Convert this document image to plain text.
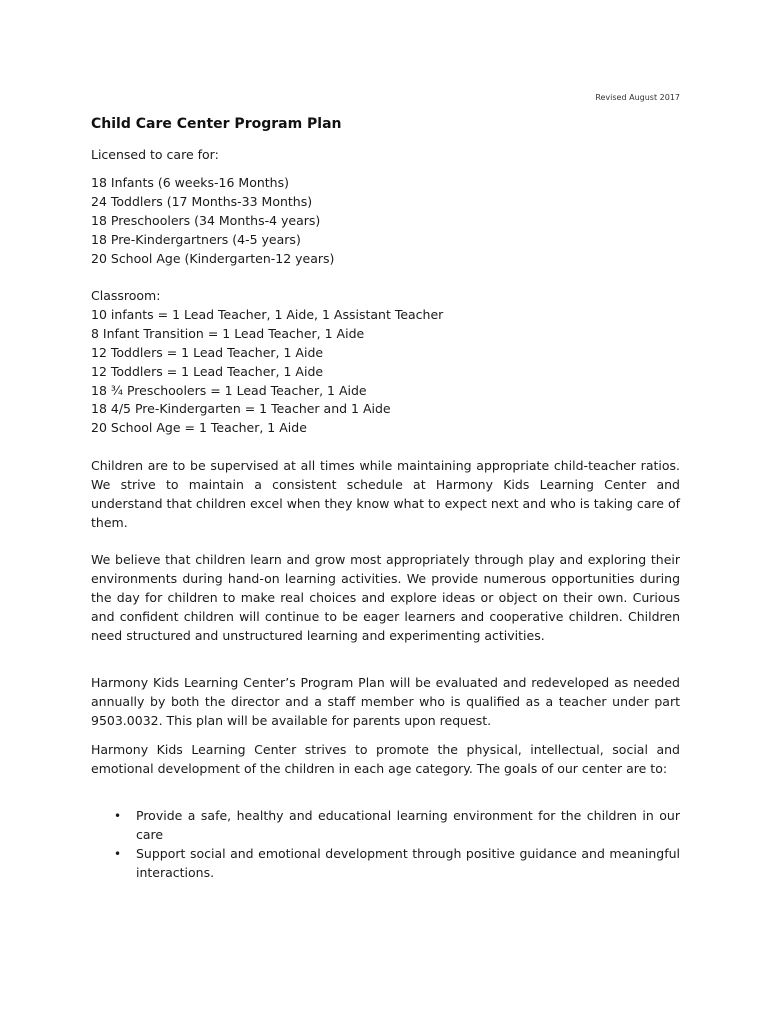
Revised August 2017
Child Care Center Program Plan
Licensed to care for:
18 Infants (6 weeks-16 Months)
24 Toddlers (17 Months-33 Months)
18 Preschoolers (34 Months-4 years)
18 Pre-Kindergartners (4-5 years)
20 School Age (Kindergarten-12 years)
Classroom:
10 infants = 1 Lead Teacher, 1 Aide, 1 Assistant Teacher
8 Infant Transition = 1 Lead Teacher, 1 Aide
12 Toddlers = 1 Lead Teacher, 1 Aide
12 Toddlers = 1 Lead Teacher, 1 Aide
18 ¾ Preschoolers = 1 Lead Teacher, 1 Aide
18 4/5 Pre-Kindergarten = 1 Teacher and 1 Aide
20 School Age = 1 Teacher, 1 Aide
Children are to be supervised at all times while maintaining appropriate child-teacher ratios. We strive to maintain a consistent schedule at Harmony Kids Learning Center and understand that children excel when they know what to expect next and who is taking care of them.
We believe that children learn and grow most appropriately through play and exploring their environments during hand-on learning activities. We provide numerous opportunities during the day for children to make real choices and explore ideas or object on their own. Curious and confident children will continue to be eager learners and cooperative children. Children need structured and unstructured learning and experimenting activities.
Harmony Kids Learning Center’s Program Plan will be evaluated and redeveloped as needed annually by both the director and a staff member who is qualified as a teacher under part 9503.0032. This plan will be available for parents upon request.
Harmony Kids Learning Center strives to promote the physical, intellectual, social and emotional development of the children in each age category. The goals of our center are to:
• Provide a safe, healthy and educational learning environment for the children in our care
• Support social and emotional development through positive guidance and meaningful interactions.
